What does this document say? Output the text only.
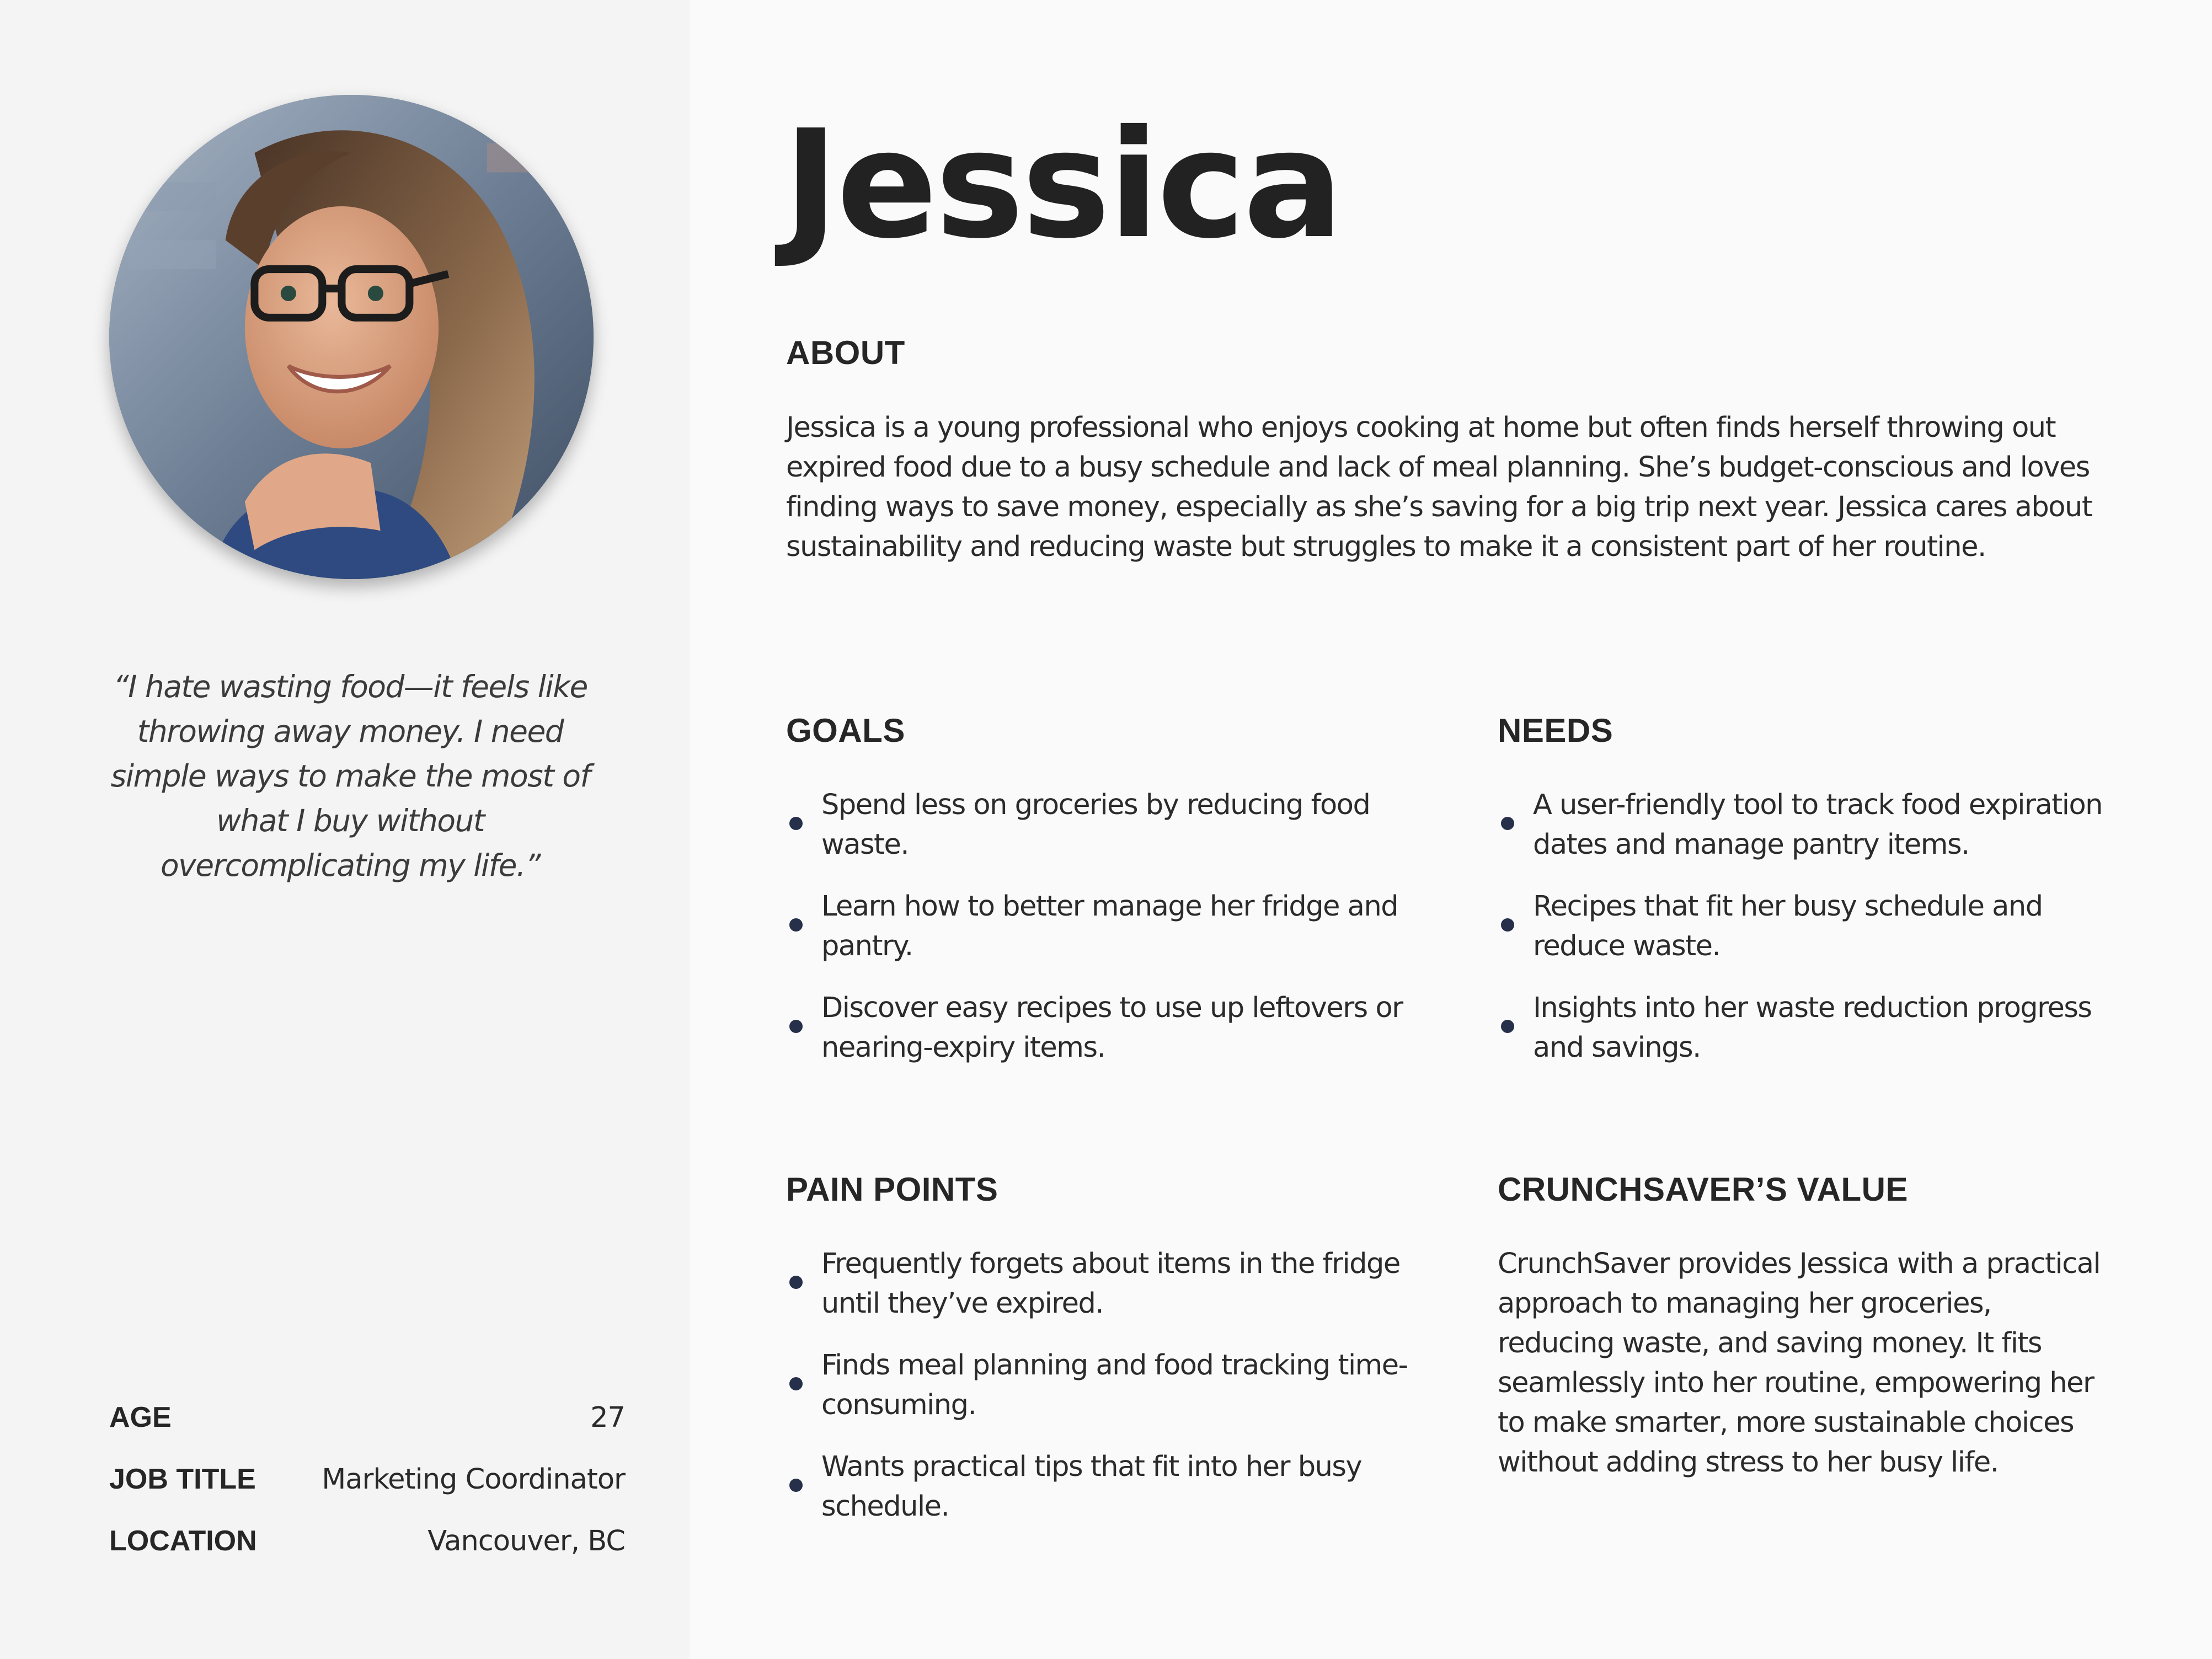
“I hate wasting food—it feels like throwing away money. I need simple ways to make the most of what I buy without overcomplicating my life.”

AGE	27
JOB TITLE Marketing Coordinator
LOCATION	Vancouver, BC
Jessica
ABOUT

Jessica is a young professional who enjoys cooking at home but often finds herself throwing out expired food due to a busy schedule and lack of meal planning. She’s budget-conscious and loves finding ways to save money, especially as she’s saving for a big trip next year. Jessica cares about sustainability and reducing waste but struggles to make it a consistent part of her routine.

GOALS
Spend less on groceries by reducing food waste.
Learn how to better manage her fridge and pantry.
Discover easy recipes to use up leftovers or nearing-expiry items.
NEEDS
A user-friendly tool to track food expiration dates and manage pantry items.
Recipes that fit her busy schedule and reduce waste.
Insights into her waste reduction progress and savings.
PAIN POINTS
Frequently forgets about items in the fridge until they’ve expired.
Finds meal planning and food tracking time-consuming.
Wants practical tips that fit into her busy schedule.
CRUNCHSAVER’S VALUE

CrunchSaver provides Jessica with a practical approach to managing her groceries, reducing waste, and saving money. It fits seamlessly into her routine, empowering her to make smarter, more sustainable choices without adding stress to her busy life.
